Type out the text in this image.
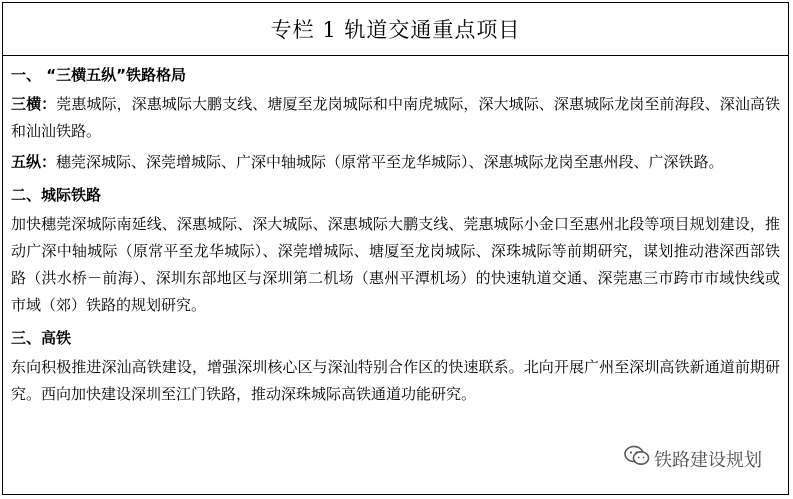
专栏 1 轨道交通重点项目
一、 “三横五纵”铁路格局

三横：莞惠城际，深惠城际大鹏支线、塘厦至龙岗城际和中南虎城际，深大城际、深惠城际龙岗至前海段、深汕高铁和汕汕铁路。

五纵：穗莞深城际、深莞增城际、广深中轴城际（原常平至龙华城际）、深惠城际龙岗至惠州段、广深铁路。

二、城际铁路

加快穗莞深城际南延线、深惠城际、深大城际、深惠城际大鹏支线、莞惠城际小金口至惠州北段等项目规划建设，推动广深中轴城际（原常平至龙华城际）、深莞增城际、塘厦至龙岗城际、深珠城际等前期研究，谋划推动港深西部铁路（洪水桥－前海）、深圳东部地区与深圳第二机场（惠州平潭机场）的快速轨道交通、深莞惠三市跨市市域快线或市域（郊）铁路的规划研究。

三、高铁

东向积极推进深汕高铁建设，增强深圳核心区与深汕特别合作区的快速联系。北向开展广州至深圳高铁新通道前期研究。西向加快建设深圳至江门铁路，推动深珠城际高铁通道功能研究。

铁路建设规划
